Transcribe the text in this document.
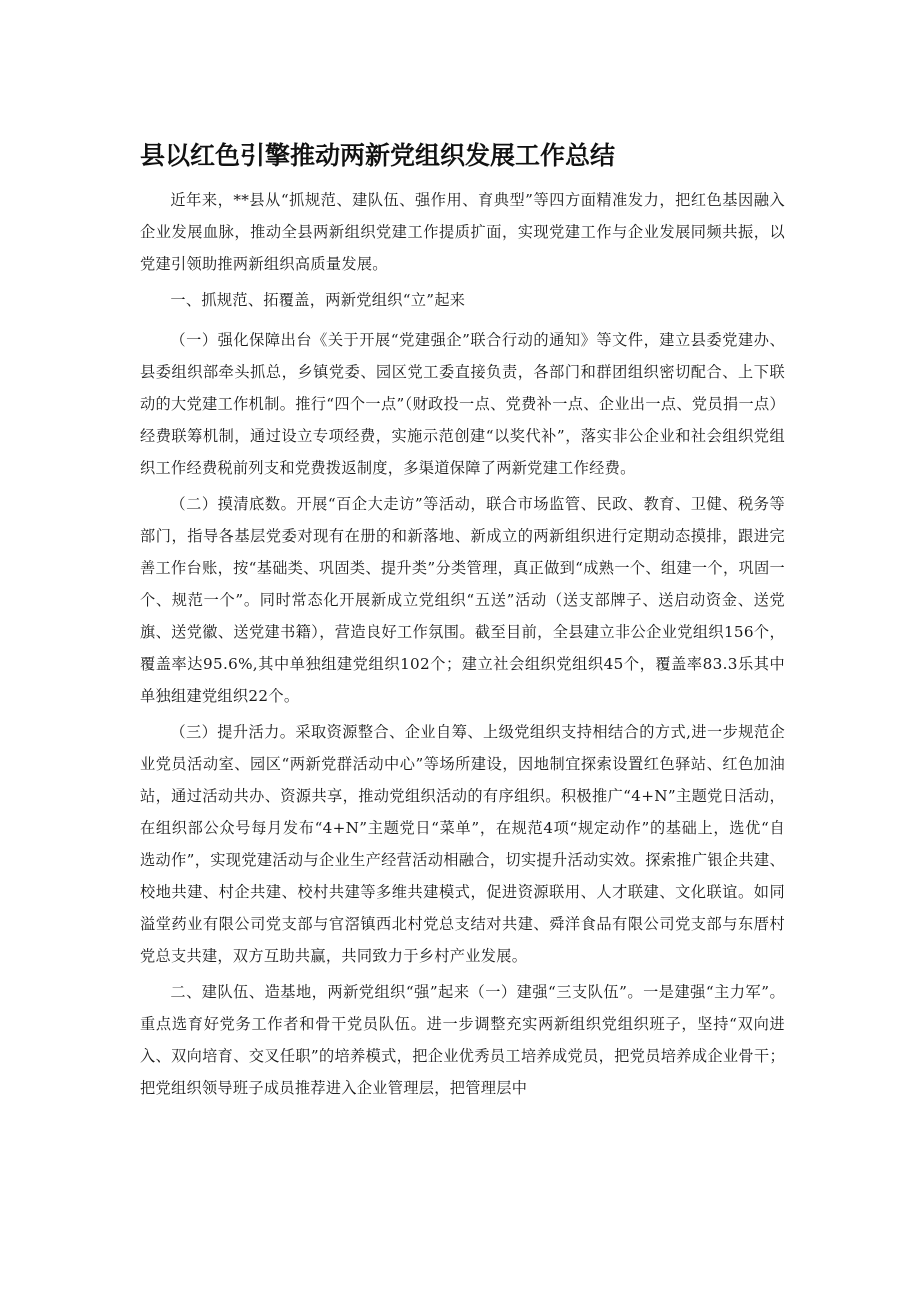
县以红色引擎推动两新党组织发展工作总结

近年来，**县从“抓规范、建队伍、强作用、育典型”等四方面精准发力，把红色基因融入企业发展血脉，推动全县两新组织党建工作提质扩面，实现党建工作与企业发展同频共振，以党建引领助推两新组织高质量发展。

一、抓规范、拓覆盖，两新党组织“立”起来

（一）强化保障出台《关于开展“党建强企”联合行动的通知》等文件，建立县委党建办、县委组织部牵头抓总，乡镇党委、园区党工委直接负责，各部门和群团组织密切配合、上下联动的大党建工作机制。推行“四个一点”（财政投一点、党费补一点、企业出一点、党员捐一点）经费联筹机制，通过设立专项经费，实施示范创建“以奖代补”，落实非公企业和社会组织党组织工作经费税前列支和党费拨返制度，多渠道保障了两新党建工作经费。

（二）摸清底数。开展“百企大走访”等活动，联合市场监管、民政、教育、卫健、税务等部门，指导各基层党委对现有在册的和新落地、新成立的两新组织进行定期动态摸排，跟进完善工作台账，按“基础类、巩固类、提升类”分类管理，真正做到“成熟一个、组建一个，巩固一个、规范一个”。同时常态化开展新成立党组织“五送”活动（送支部牌子、送启动资金、送党旗、送党徽、送党建书籍），营造良好工作氛围。截至目前，全县建立非公企业党组织156个，覆盖率达95.6%,其中单独组建党组织102个；建立社会组织党组织45个，覆盖率83.3乐其中单独组建党组织22个。

（三）提升活力。采取资源整合、企业自筹、上级党组织支持相结合的方式,进一步规范企业党员活动室、园区“两新党群活动中心”等场所建设，因地制宜探索设置红色驿站、红色加油站，通过活动共办、资源共享，推动党组织活动的有序组织。积极推广“4+N”主题党日活动，在组织部公众号每月发布“4+N”主题党日“菜单”，在规范4项“规定动作”的基础上，选优“自选动作”，实现党建活动与企业生产经营活动相融合，切实提升活动实效。探索推广银企共建、校地共建、村企共建、校村共建等多维共建模式，促进资源联用、人才联建、文化联谊。如同溢堂药业有限公司党支部与官滘镇西北村党总支结对共建、舜洋食品有限公司党支部与东厝村党总支共建，双方互助共赢，共同致力于乡村产业发展。

二、建队伍、造基地，两新党组织“强”起来（一）建强“三支队伍”。一是建强“主力军”。重点选育好党务工作者和骨干党员队伍。进一步调整充实两新组织党组织班子，坚持“双向进入、双向培育、交叉任职”的培养模式，把企业优秀员工培养成党员，把党员培养成企业骨干；把党组织领导班子成员推荐进入企业管理层，把管理层中
